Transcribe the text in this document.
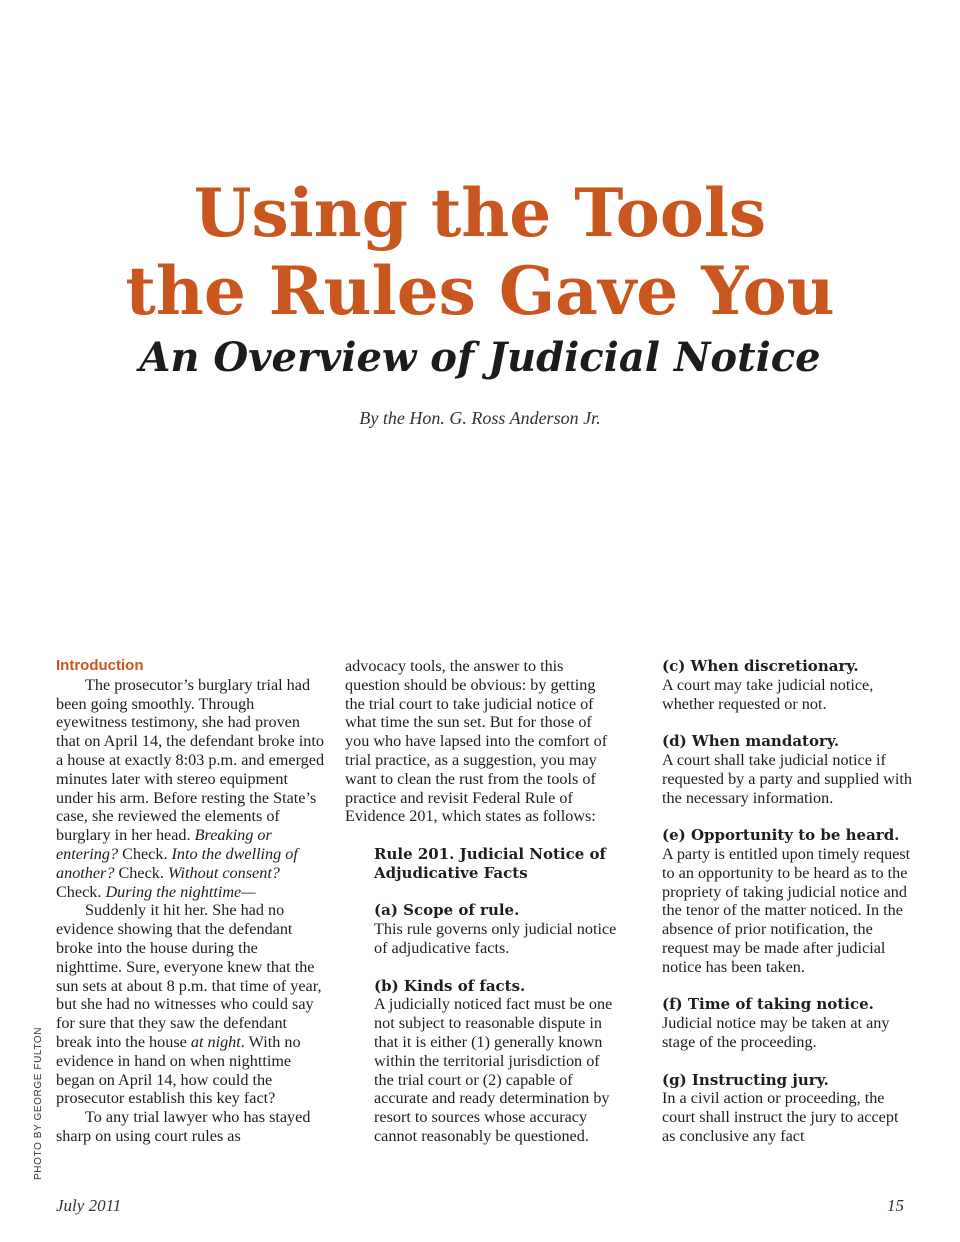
Using the Tools
the Rules Gave You
An Overview of Judicial Notice
By the Hon. G. Ross Anderson Jr.

Introduction

The prosecutor’s burglary trial had been going smoothly. Through eyewitness testimony, she had proven that on April 14, the defendant broke into a house at exactly 8:03 p.m. and emerged minutes later with stereo equipment under his arm. Before resting the State’s case, she reviewed the elements of burglary in her head. Breaking or entering? Check. Into the dwelling of another? Check. Without consent? Check. During the nighttime—

Suddenly it hit her. She had no evidence showing that the defendant broke into the house during the nighttime. Sure, everyone knew that the sun sets at about 8 p.m. that time of year, but she had no witnesses who could say for sure that they saw the defendant break into the house at night. With no evidence in hand on when nighttime began on April 14, how could the prosecutor establish this key fact?

To any trial lawyer who has stayed sharp on using court rules as

advocacy tools, the answer to this question should be obvious: by getting the trial court to take judicial notice of what time the sun set. But for those of you who have lapsed into the comfort of trial practice, as a suggestion, you may want to clean the rust from the tools of practice and revisit Federal Rule of Evidence 201, which states as follows:

Rule 201. Judicial Notice of Adjudicative Facts

(a) Scope of rule.

This rule governs only judicial notice of adjudicative facts.

(b) Kinds of facts.

A judicially noticed fact must be one not subject to reasonable dispute in that it is either (1) generally known within the territorial jurisdiction of the trial court or (2) capable of accurate and ready determination by resort to sources whose accuracy cannot reasonably be questioned.

(c) When discretionary.

A court may take judicial notice, whether requested or not.

(d) When mandatory.

A court shall take judicial notice if requested by a party and supplied with the necessary information.

(e) Opportunity to be heard.

A party is entitled upon timely request to an opportunity to be heard as to the propriety of taking judicial notice and the tenor of the matter noticed. In the absence of prior notification, the request may be made after judicial notice has been taken.

(f) Time of taking notice.

Judicial notice may be taken at any stage of the proceeding.

(g) Instructing jury.

In a civil action or proceeding, the court shall instruct the jury to accept as conclusive any fact

PHOTO BY GEORGE FULTON
July 2011	15
